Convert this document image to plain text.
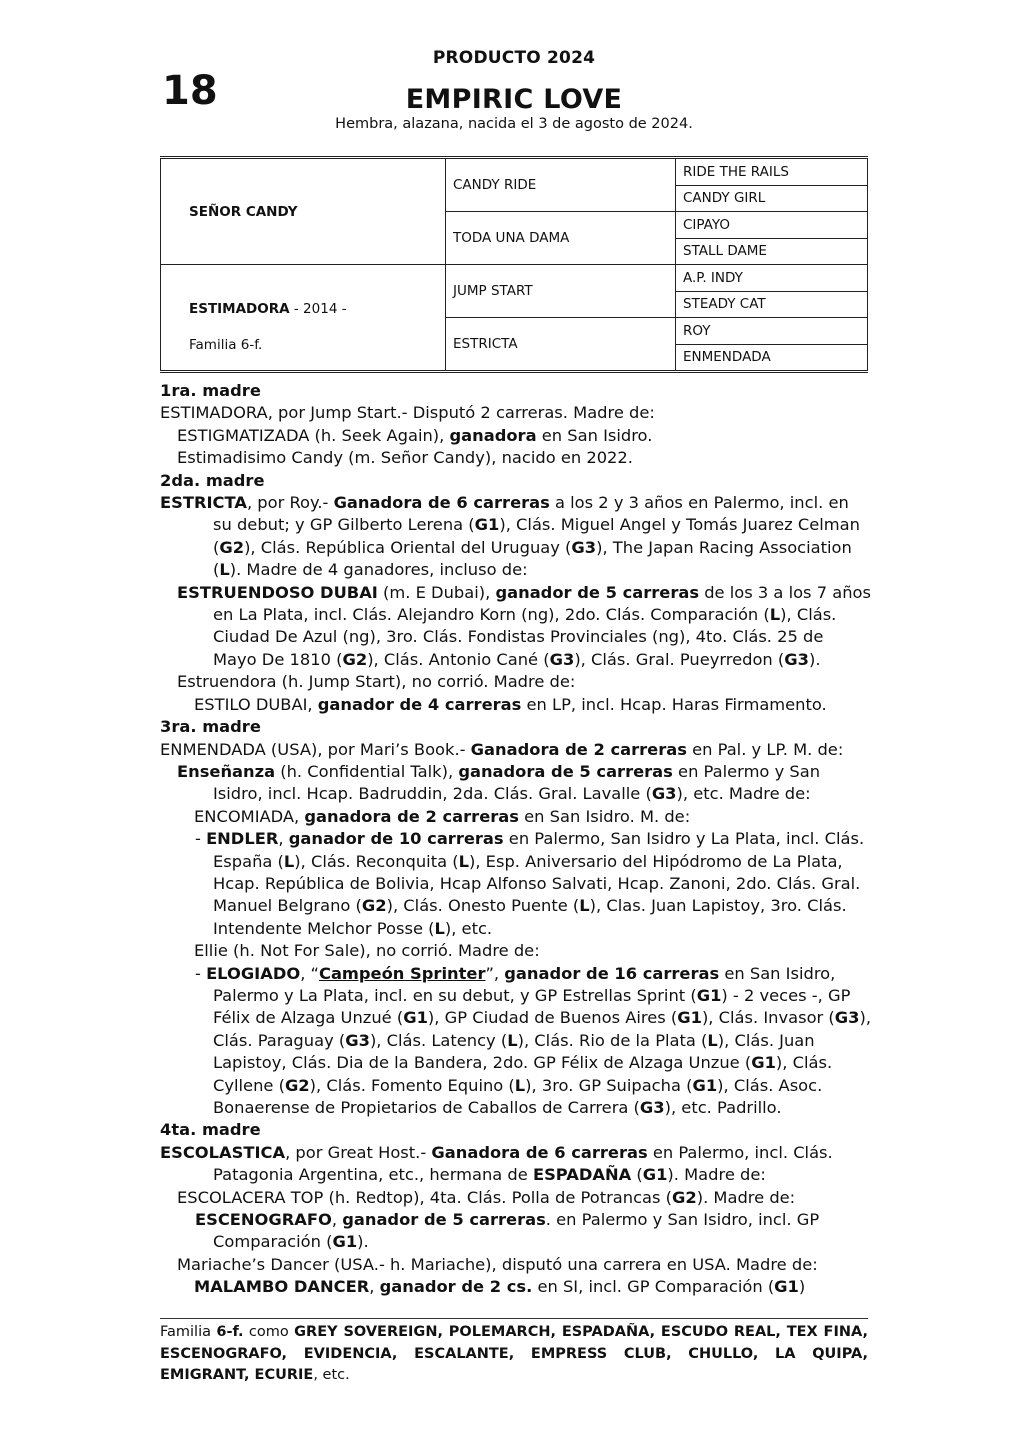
18
PRODUCTO 2024
EMPIRIC LOVE
Hembra, alazana, nacida el 3 de agosto de 2024.
SEÑOR CANDY	CANDY RIDE	RIDE THE RAILS
		CANDY GIRL
	TODA UNA DAMA	CIPAYO
		STALL DAME

ESTIMADORA - 2014 -
Familia 6-f.	JUMP START	A.P. INDY
		STEADY CAT
	ESTRICTA	ROY
		ENMENDADA

1ra. madre

ESTIMADORA, por Jump Start.- Disputó 2 carreras. Madre de:

ESTIGMATIZADA (h. Seek Again), ganadora en San Isidro.

Estimadisimo Candy (m. Señor Candy), nacido en 2022.

2da. madre

ESTRICTA, por Roy.- Ganadora de 6 carreras a los 2 y 3 años en Palermo, incl. en su debut; y GP Gilberto Lerena (G1), Clás. Miguel Angel y Tomás Juarez Celman (G2), Clás. República Oriental del Uruguay (G3), The Japan Racing Association (L). Madre de 4 ganadores, incluso de:

ESTRUENDOSO DUBAI (m. E Dubai), ganador de 5 carreras de los 3 a los 7 años en La Plata, incl. Clás. Alejandro Korn (ng), 2do. Clás. Comparación (L), Clás. Ciudad De Azul (ng), 3ro. Clás. Fondistas Provinciales (ng), 4to. Clás. 25 de Mayo De 1810 (G2), Clás. Antonio Cané (G3), Clás. Gral. Pueyrredon (G3).

Estruendora (h. Jump Start), no corrió. Madre de:

ESTILO DUBAI, ganador de 4 carreras en LP, incl. Hcap. Haras Firmamento.

3ra. madre

ENMENDADA (USA), por Mari’s Book.- Ganadora de 2 carreras en Pal. y LP. M. de:

Enseñanza (h. Confidential Talk), ganadora de 5 carreras en Palermo y San Isidro, incl. Hcap. Badruddin, 2da. Clás. Gral. Lavalle (G3), etc. Madre de:

ENCOMIADA, ganadora de 2 carreras en San Isidro. M. de:

- ENDLER, ganador de 10 carreras en Palermo, San Isidro y La Plata, incl. Clás. España (L), Clás. Reconquita (L), Esp. Aniversario del Hipódromo de La Plata, Hcap. República de Bolivia, Hcap Alfonso Salvati, Hcap. Zanoni, 2do. Clás. Gral. Manuel Belgrano (G2), Clás. Onesto Puente (L), Clas. Juan Lapistoy, 3ro. Clás. Intendente Melchor Posse (L), etc.

Ellie (h. Not For Sale), no corrió. Madre de:

- ELOGIADO, “Campeón Sprinter”, ganador de 16 carreras en San Isidro, Palermo y La Plata, incl. en su debut, y GP Estrellas Sprint (G1) - 2 veces -, GP Félix de Alzaga Unzué (G1), GP Ciudad de Buenos Aires (G1), Clás. Invasor (G3), Clás. Paraguay (G3), Clás. Latency (L), Clás. Rio de la Plata (L), Clás. Juan Lapistoy, Clás. Dia de la Bandera, 2do. GP Félix de Alzaga Unzue (G1), Clás. Cyllene (G2), Clás. Fomento Equino (L), 3ro. GP Suipacha (G1), Clás. Asoc. Bonaerense de Propietarios de Caballos de Carrera (G3), etc. Padrillo.

4ta. madre

ESCOLASTICA, por Great Host.- Ganadora de 6 carreras en Palermo, incl. Clás. Patagonia Argentina, etc., hermana de ESPADAÑA (G1). Madre de:

ESCOLACERA TOP (h. Redtop), 4ta. Clás. Polla de Potrancas (G2). Madre de:

ESCENOGRAFO, ganador de 5 carreras. en Palermo y San Isidro, incl. GP Comparación (G1).

Mariache’s Dancer (USA.- h. Mariache), disputó una carrera en USA. Madre de:

MALAMBO DANCER, ganador de 2 cs. en SI, incl. GP Comparación (G1)

Familia 6-f. como GREY SOVEREIGN, POLEMARCH, ESPADAÑA, ESCUDO REAL, TEX FINA, ESCENOGRAFO, EVIDENCIA, ESCALANTE, EMPRESS CLUB, CHULLO, LA QUIPA, EMIGRANT, ECURIE, etc.
